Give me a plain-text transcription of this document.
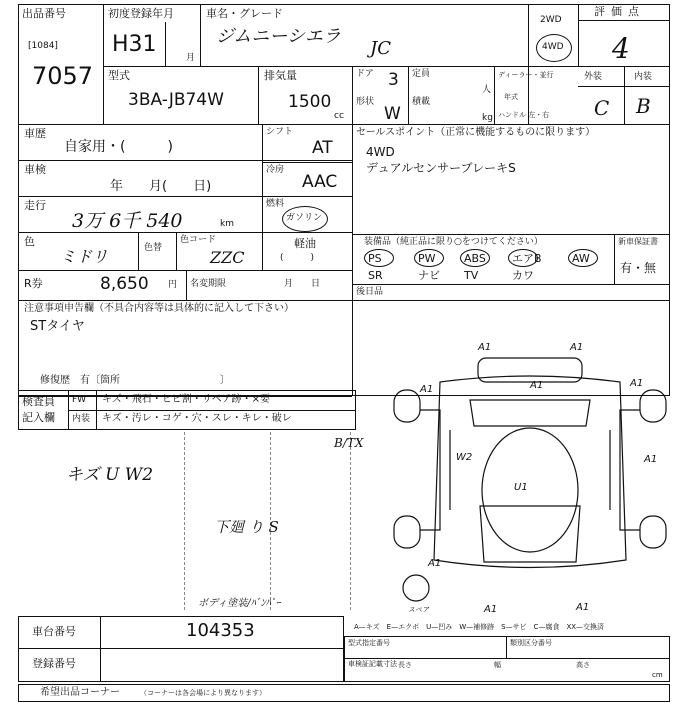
出品番号
[1084]
7057
初度登録年月
H31
月
車名・グレード
ジムニーシエラ
JC
2WD
4WD
評価点
4
型式
3BA-JB74W
排気量
1500
cc
ドア 3
形状
W
定員
人
積載
kg
ディーラー・並行
年式
ハンドル 左・右
外装	内装
C B
車歴
自家用・(　　　)
車検
年　　月(　　日)
走行
3万 6千 540	km
色
ミドリ	色替
色コード
ZZC
R券	8,650 円 名変期限	月　　日
シフト
AT
冷房
AAC
燃料
ガソリン
軽油
(　　　)
セールスポイント（正常に機能するものに限ります）
4WD
デュアルセンサーブレーキS
装備品（純正品に限り○をつけてください）	新車保証書
有・無
後日品
PS	PW	ABS エアB	AW
SR	ナビ TV	カワ
注意事項申告欄（不具合内容等は具体的に記入して下さい）
STタイヤ
修復歴　有〔箇所　　　　　　　　　　〕
検査員
記入欄
FW キズ・飛石・ヒビ割・リペア跡・×要
内装 キズ・汚レ・コゲ・穴・スレ・キレ・破レ
キズ U W2
下廻 り S
ボディ塗装/ﾊﾞﾝﾊﾟｰ
B/TX
A1	A1
A1
A1
A1
A1
A1
A1
A1
W2
U1
スペア
A—キズ　E—エクボ　U—凹み　W—補修跡　S—サビ　C—腐食　XX—交換済
車台番号	104353
登録番号
型式指定番号	類別区分番号
車検証記載寸法 長さ	幅	高さ
cm
希望出品コーナー	（コーナーは各会場により異なります）
